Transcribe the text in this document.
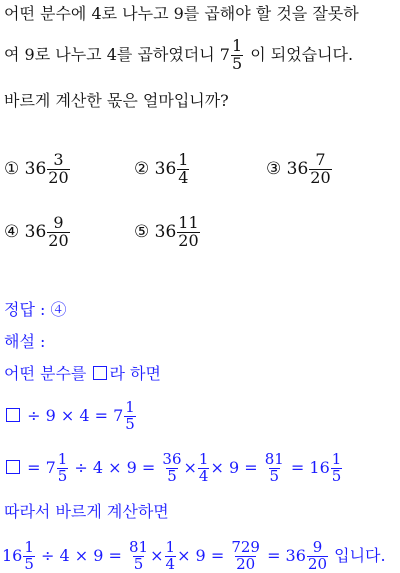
어떤 분수에 4로 나누고 9를 곱해야 할 것을 잘못하
여 9로 나누고 4를 곱하였더니 $7 \frac{1}{5}$ 이 되었습니다.
바르게 계산한 몫은 얼마입니까?
① $36 \frac{3}{20}$	② $36 \frac{1}{4}$	③ $36 \frac{7}{20}$
④ $36 \frac{9}{20}$	⑤ $36 \frac{11}{20}$
정답 : ④
해설 :
어떤 분수를 라 하면
÷ $9 \times 4 = 7 \frac{1}{5}$
= $7 \frac{1}{5} \div 4 \times 9 = \frac{36}{5} \times \frac{1}{4} \times 9 = \frac{81}{5} = 16 \frac{1}{5}$
따라서 바르게 계산하면
$16 \frac{1}{5} \div 4 \times 9 = \frac{81}{5} \times \frac{1}{4} \times 9 = \frac{729}{20} = 36 \frac{9}{20}$ 입니다.
